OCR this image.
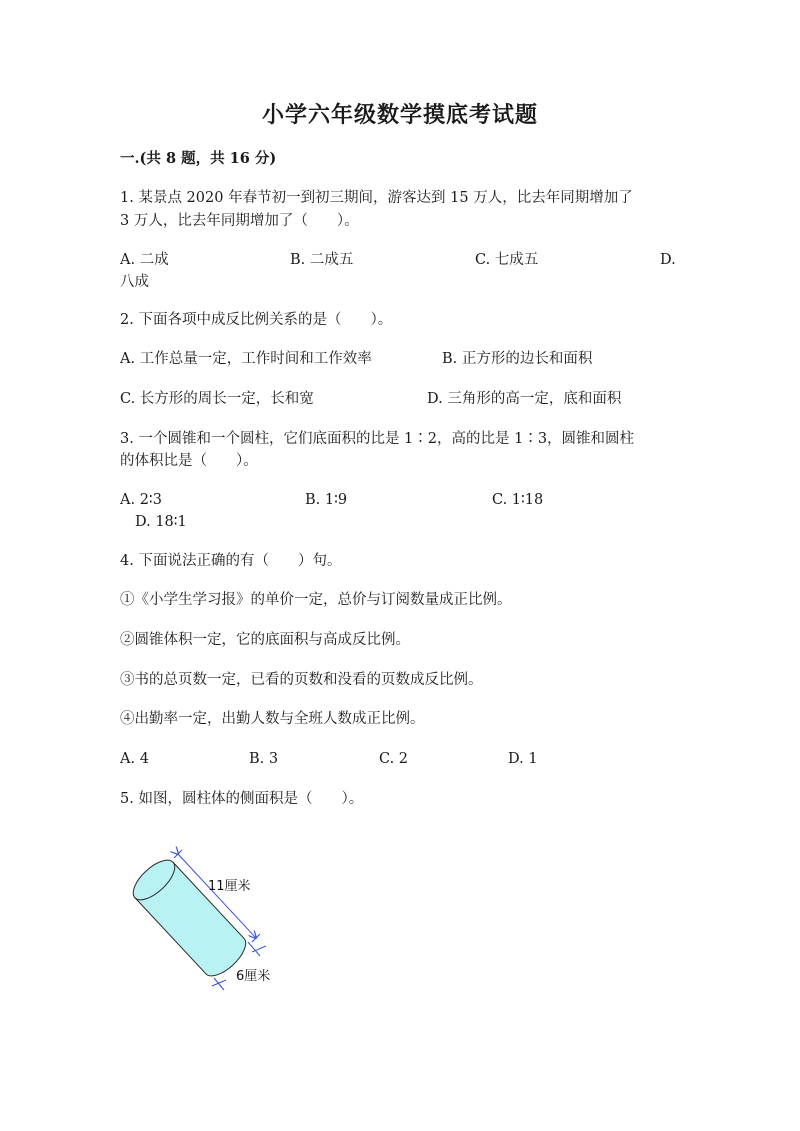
小学六年级数学摸底考试题
一.(共 8 题，共 16 分)
1. 某景点 2020 年春节初一到初三期间，游客达到 15 万人，比去年同期增加了
3 万人，比去年同期增加了（　　）。
A. 二成	B. 二成五	C. 七成五	D.
八成
2. 下面各项中成反比例关系的是（　　）。
A. 工作总量一定，工作时间和工作效率	B. 正方形的边长和面积
C. 长方形的周长一定，长和宽	D. 三角形的高一定，底和面积
3. 一个圆锥和一个圆柱，它们底面积的比是 1∶2，高的比是 1∶3，圆锥和圆柱
的体积比是（　　）。
A. 2∶3	B. 1∶9	C. 1∶18
D. 18∶1
4. 下面说法正确的有（　　）句。
①《小学生学习报》的单价一定，总价与订阅数量成正比例。
②圆锥体积一定，它的底面积与高成反比例。
③书的总页数一定，已看的页数和没看的页数成反比例。
④出勤率一定，出勤人数与全班人数成正比例。
A. 4	B. 3	C. 2	D. 1
5. 如图，圆柱体的侧面积是（　　）。
11厘米
6厘米
